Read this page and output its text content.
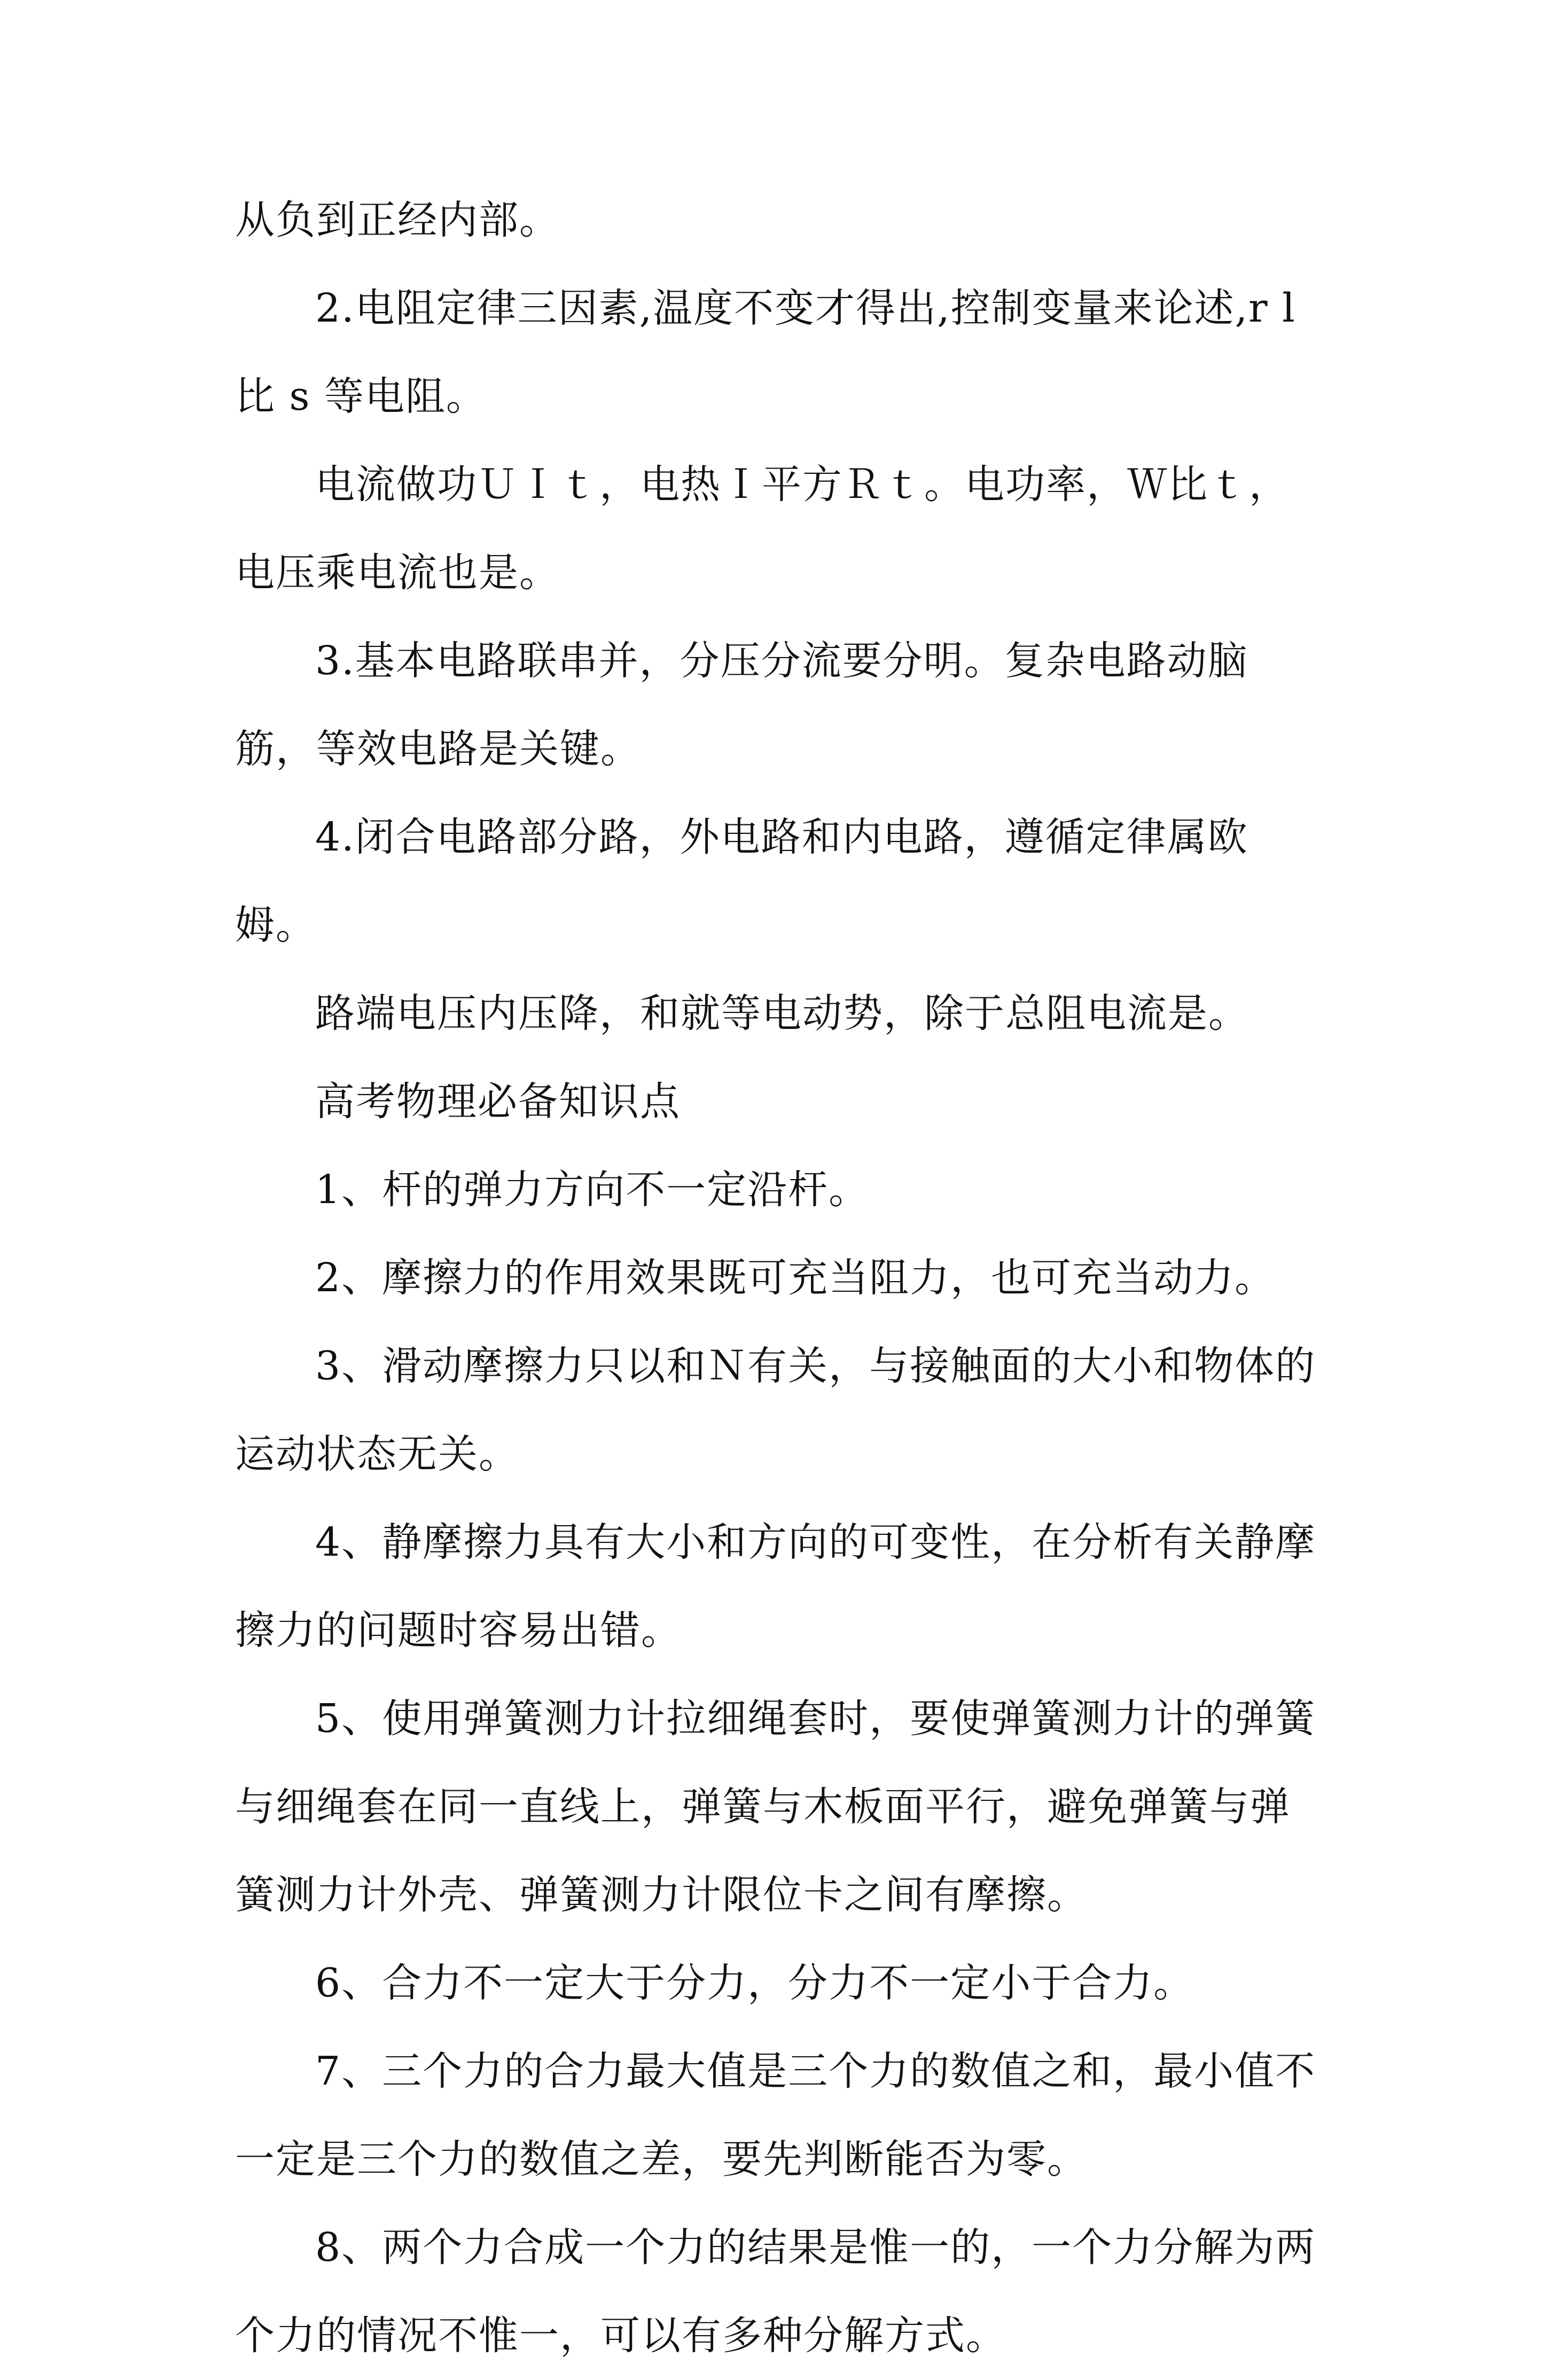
从负到正经内部。

2.电阻定律三因素,温度不变才得出,控制变量来论述,r l 比 s 等电阻。

电流做功ＵＩｔ，电热Ｉ平方Ｒｔ。电功率，Ｗ比ｔ，电压乘电流也是。

3.基本电路联串并，分压分流要分明。复杂电路动脑筋，等效电路是关键。

4.闭合电路部分路，外电路和内电路，遵循定律属欧姆。

路端电压内压降，和就等电动势，除于总阻电流是。

高考物理必备知识点

1、杆的弹力方向不一定沿杆。

2、摩擦力的作用效果既可充当阻力，也可充当动力。

3、滑动摩擦力只以和Ｎ有关，与接触面的大小和物体的运动状态无关。

4、静摩擦力具有大小和方向的可变性，在分析有关静摩擦力的问题时容易出错。

5、使用弹簧测力计拉细绳套时，要使弹簧测力计的弹簧与细绳套在同一直线上，弹簧与木板面平行，避免弹簧与弹簧测力计外壳、弹簧测力计限位卡之间有摩擦。

6、合力不一定大于分力，分力不一定小于合力。

7、三个力的合力最大值是三个力的数值之和，最小值不一定是三个力的数值之差，要先判断能否为零。

8、两个力合成一个力的结果是惟一的，一个力分解为两个力的情况不惟一，可以有多种分解方式。
